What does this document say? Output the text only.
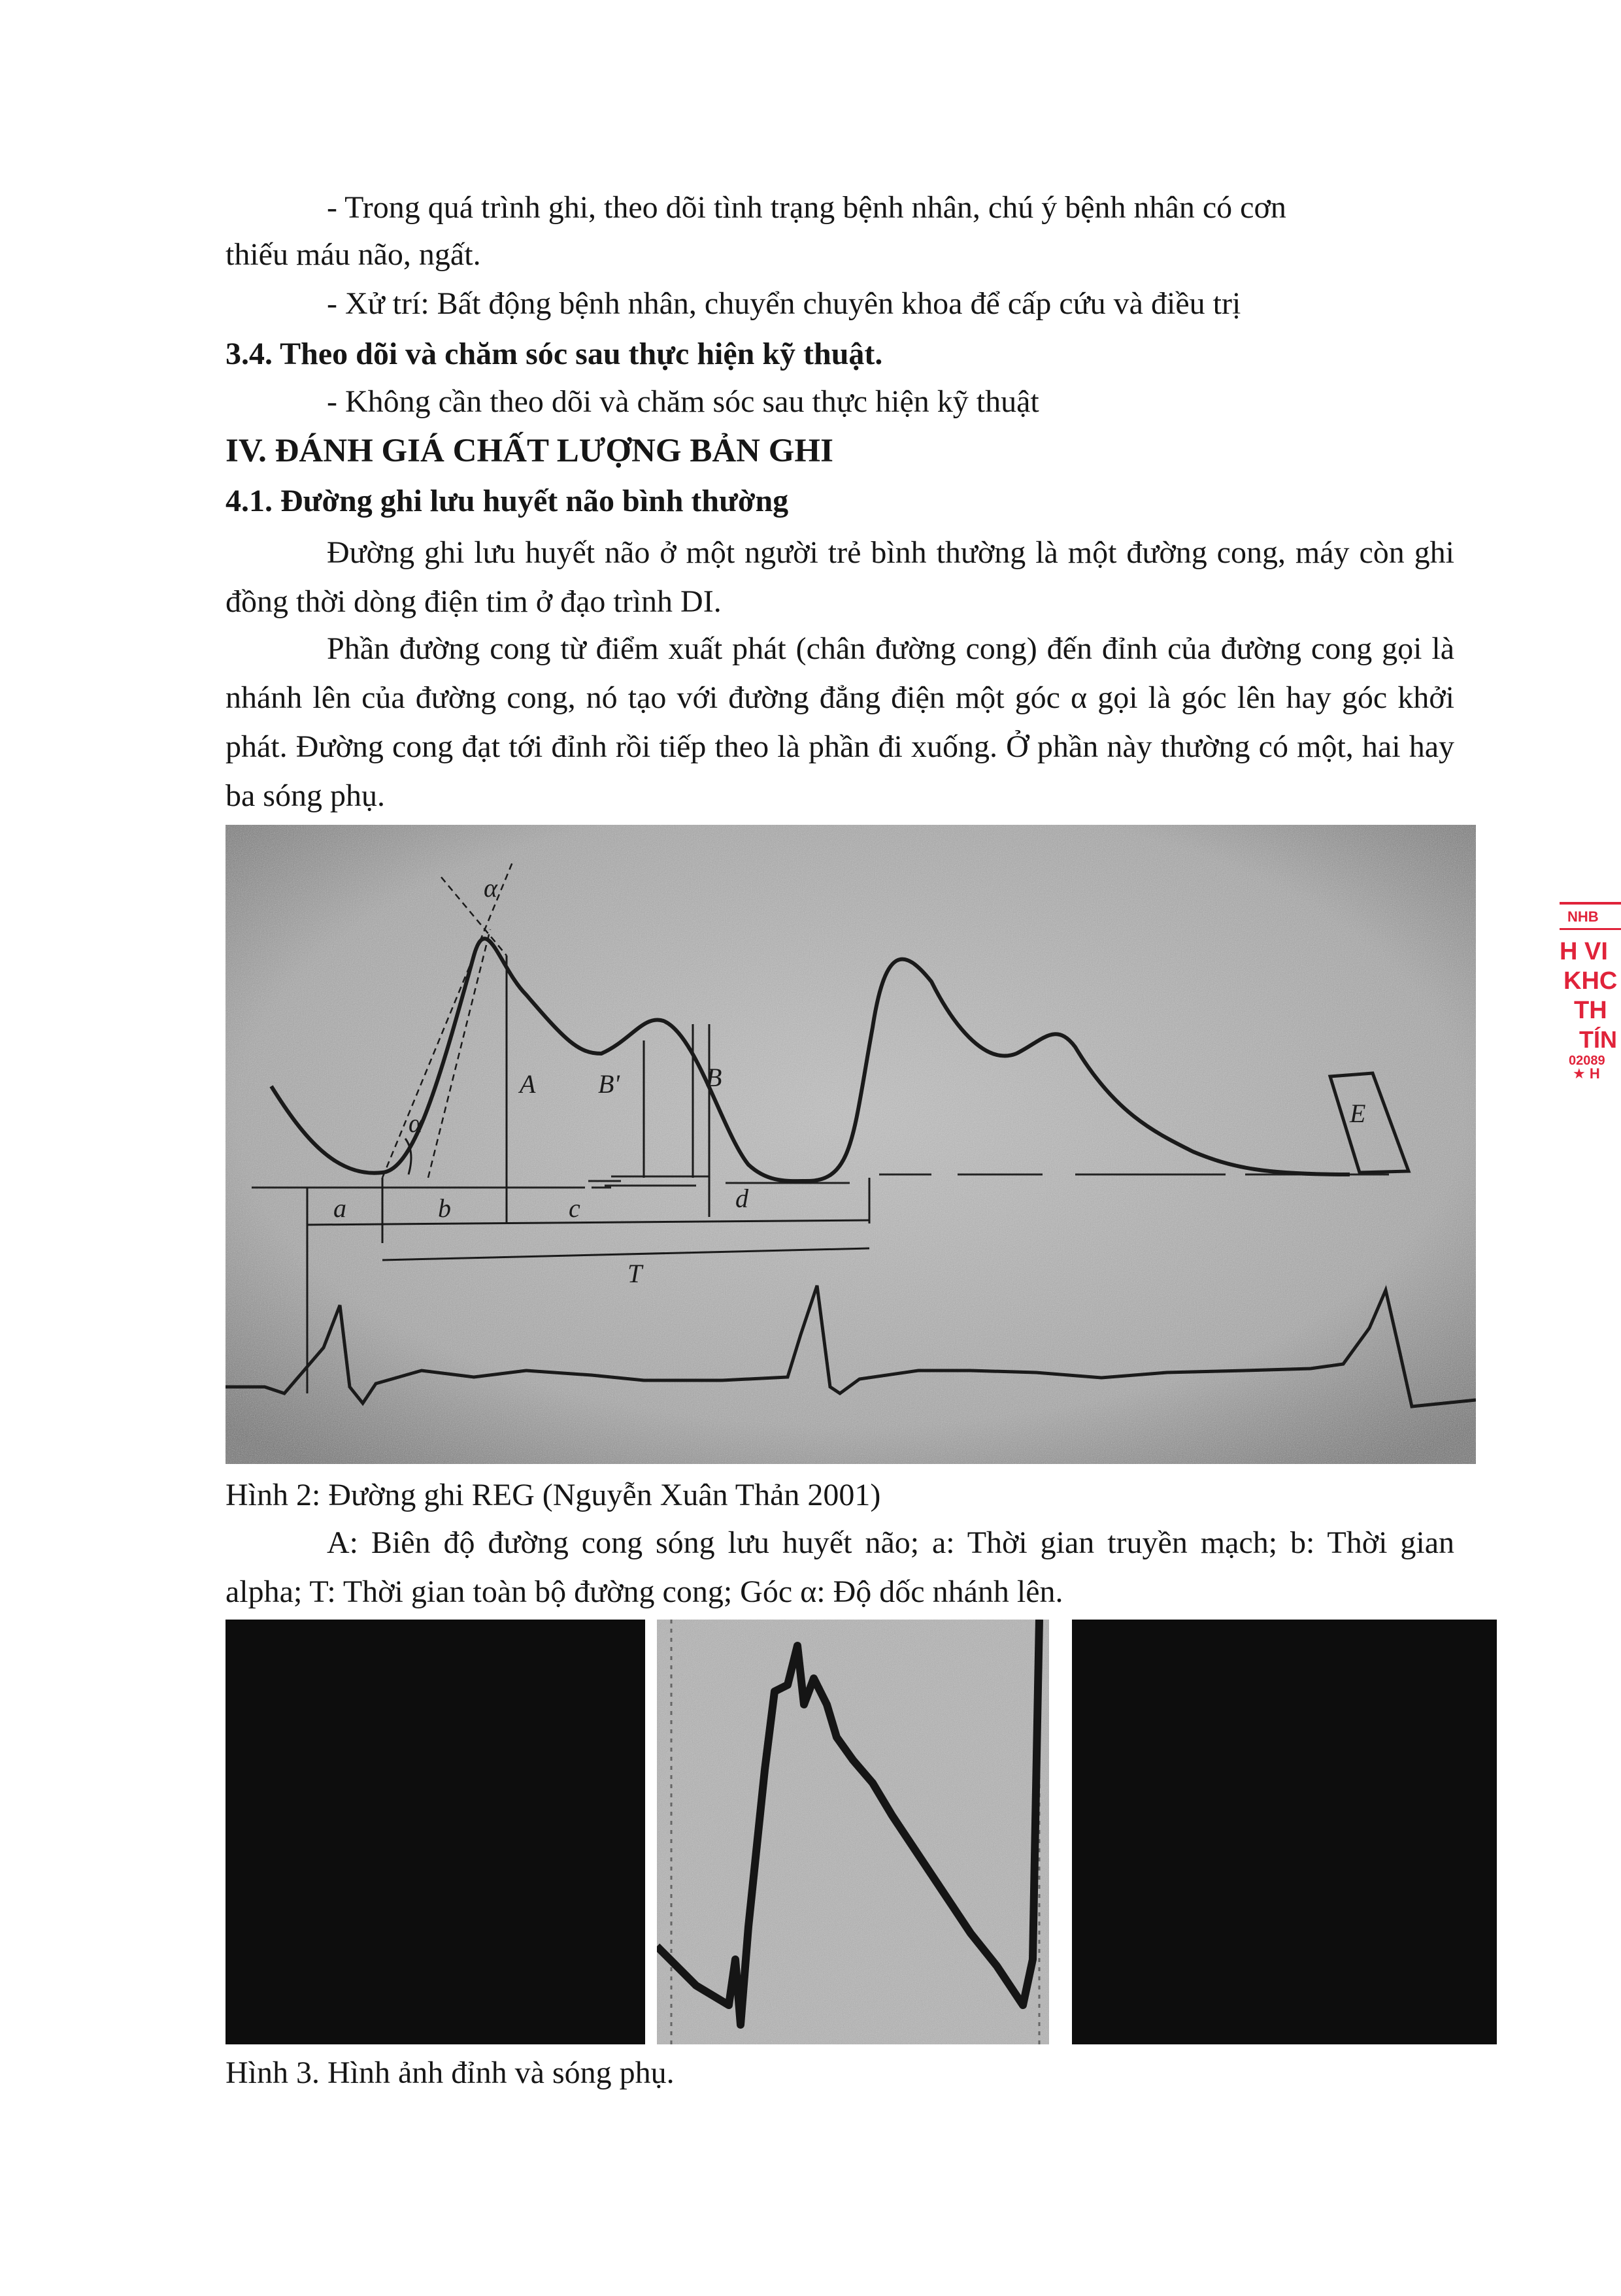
- Trong quá trình ghi, theo dõi tình trạng bệnh nhân, chú ý bệnh nhân có cơn
thiếu máu não, ngất.
- Xử trí: Bất động bệnh nhân, chuyển chuyên khoa để cấp cứu và điều trị
3.4. Theo dõi và chăm sóc sau thực hiện kỹ thuật.
- Không cần theo dõi và chăm sóc sau thực hiện kỹ thuật
IV. ĐÁNH GIÁ CHẤT LƯỢNG BẢN GHI
4.1. Đường ghi lưu huyết não bình thường
Đường ghi lưu huyết não ở một người trẻ bình thường là một đường cong, máy còn ghi đồng thời dòng điện tim ở đạo trình DI.
Phần đường cong từ điểm xuất phát (chân đường cong) đến đỉnh của đường cong gọi là nhánh lên của đường cong, nó tạo với đường đẳng điện một góc α gọi là góc lên hay góc khởi phát. Đường cong đạt tới đỉnh rồi tiếp theo là phần đi xuống. Ở phần này thường có một, hai hay ba sóng phụ.
α
α
A B'	B
a	b	c	d
T
E
Hình 2: Đường ghi REG (Nguyễn Xuân Thản 2001)
A: Biên độ đường cong sóng lưu huyết não; a: Thời gian truyền mạch; b: Thời gian alpha; T: Thời gian toàn bộ đường cong; Góc α: Độ dốc nhánh lên.
Hình 3. Hình ảnh đỉnh và sóng phụ.
NHB
H VI
KHC
TH
TÍN
02089
★ H
